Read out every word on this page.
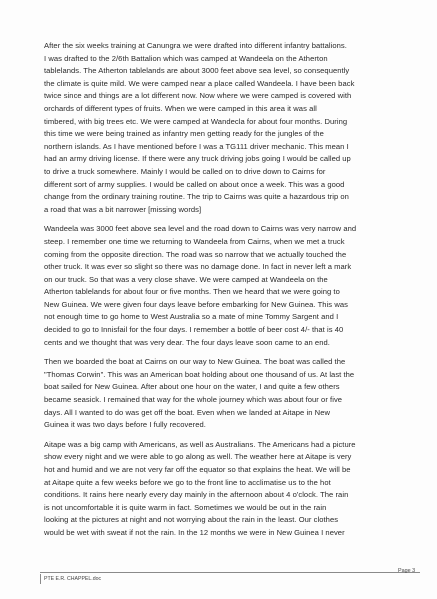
After the six weeks training at Canungra we were drafted into different infantry battalions.
I was drafted to the 2/6th Battalion which was camped at Wandeela on the Atherton
tablelands. The Atherton tablelands are about 3000 feet above sea level, so consequently
the climate is quite mild. We were camped near a place called Wandeela. I have been back
twice since and things are a lot different now. Now where we were camped is covered with
orchards of different types of fruits. When we were camped in this area it was all
timbered, with big trees etc. We were camped at Wandecla for about four months. During
this time we were being trained as infantry men getting ready for the jungles of the
northern islands. As I have mentioned before I was a TG111 driver mechanic. This mean I
had an army driving license. If there were any truck driving jobs going I would be called up
to drive a truck somewhere. Mainly I would be called on to drive down to Cairns for
different sort of army supplies. I would be called on about once a week. This was a good
change from the ordinary training routine. The trip to Cairns was quite a hazardous trip on
a road that was a bit narrower [missing words]

Wandeela was 3000 feet above sea level and the road down to Cairns was very narrow and
steep. I remember one time we returning to Wandeela from Cairns, when we met a truck
coming from the opposite direction. The road was so narrow that we actually touched the
other truck. It was ever so slight so there was no damage done. In fact in never left a mark
on our truck. So that was a very close shave. We were camped at Wandeela on the
Atherton tablelands for about four or five months. Then we heard that we were going to
New Guinea. We were given four days leave before embarking for New Guinea. This was
not enough time to go home to West Australia so a mate of mine Tommy Sargent and I
decided to go to Innisfail for the four days. I remember a bottle of beer cost 4/- that is 40
cents and we thought that was very dear. The four days leave soon came to an end.

Then we boarded the boat at Cairns on our way to New Guinea. The boat was called the
"Thomas Corwin". This was an American boat holding about one thousand of us. At last the
boat sailed for New Guinea. After about one hour on the water, I and quite a few others
became seasick. I remained that way for the whole journey which was about four or five
days. All I wanted to do was get off the boat. Even when we landed at Aitape in New
Guinea it was two days before I fully recovered.

Aitape was a big camp with Americans, as well as Australians. The Americans had a picture
show every night and we were able to go along as well. The weather here at Aitape is very
hot and humid and we are not very far off the equator so that explains the heat. We will be
at Aitape quite a few weeks before we go to the front line to acclimatise us to the hot
conditions. It rains here nearly every day mainly in the afternoon about 4 o'clock. The rain
is not uncomfortable it is quite warm in fact. Sometimes we would be out in the rain
looking at the pictures at night and not worrying about the rain in the least. Our clothes
would be wet with sweat if not the rain. In the 12 months we were in New Guinea I never

PTE E.R. CHAPPEL.doc
Page 3
